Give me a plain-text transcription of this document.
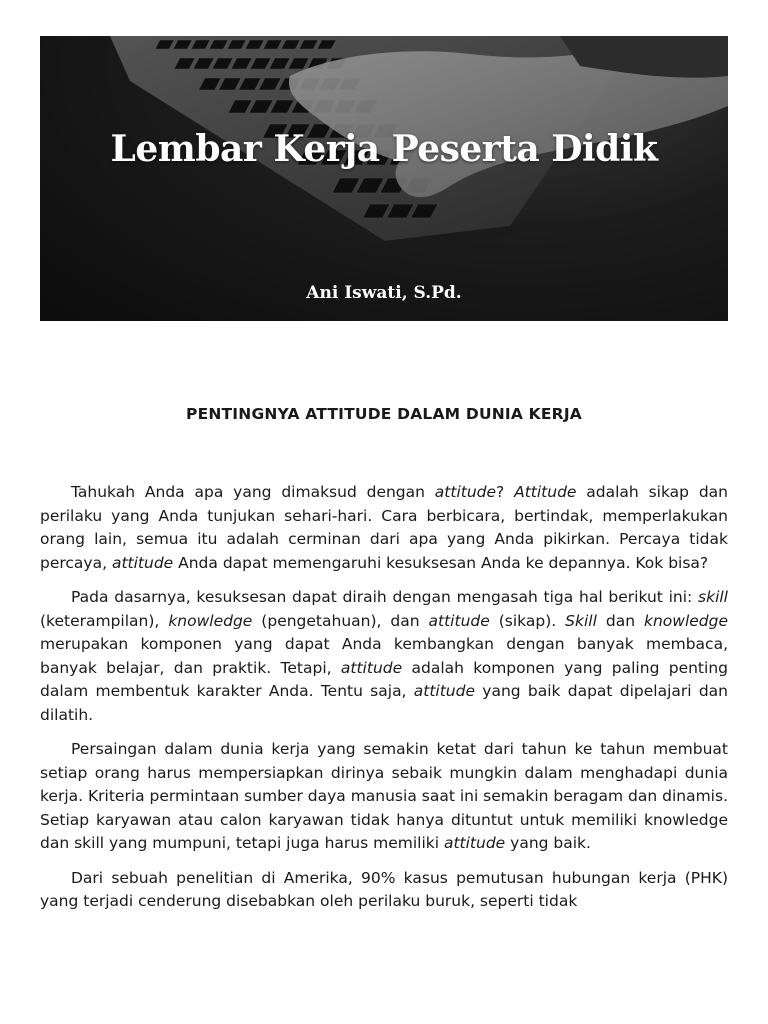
Lembar Kerja Peserta Didik
Ani Iswati, S.Pd.
PENTINGNYA ATTITUDE DALAM DUNIA KERJA

Tahukah Anda apa yang dimaksud dengan attitude? Attitude adalah sikap dan perilaku yang Anda tunjukan sehari-hari. Cara berbicara, bertindak, memperlakukan orang lain, semua itu adalah cerminan dari apa yang Anda pikirkan. Percaya tidak percaya, attitude Anda dapat memengaruhi kesuksesan Anda ke depannya. Kok bisa?

Pada dasarnya, kesuksesan dapat diraih dengan mengasah tiga hal berikut ini: skill (keterampilan), knowledge (pengetahuan), dan attitude (sikap). Skill dan knowledge merupakan komponen yang dapat Anda kembangkan dengan banyak membaca, banyak belajar, dan praktik. Tetapi, attitude adalah komponen yang paling penting dalam membentuk karakter Anda. Tentu saja, attitude yang baik dapat dipelajari dan dilatih.

Persaingan dalam dunia kerja yang semakin ketat dari tahun ke tahun membuat setiap orang harus mempersiapkan dirinya sebaik mungkin dalam menghadapi dunia kerja. Kriteria permintaan sumber daya manusia saat ini semakin beragam dan dinamis. Setiap karyawan atau calon karyawan tidak hanya dituntut untuk memiliki knowledge dan skill yang mumpuni, tetapi juga harus memiliki attitude yang baik.

Dari sebuah penelitian di Amerika, 90% kasus pemutusan hubungan kerja (PHK) yang terjadi cenderung disebabkan oleh perilaku buruk, seperti tidak
